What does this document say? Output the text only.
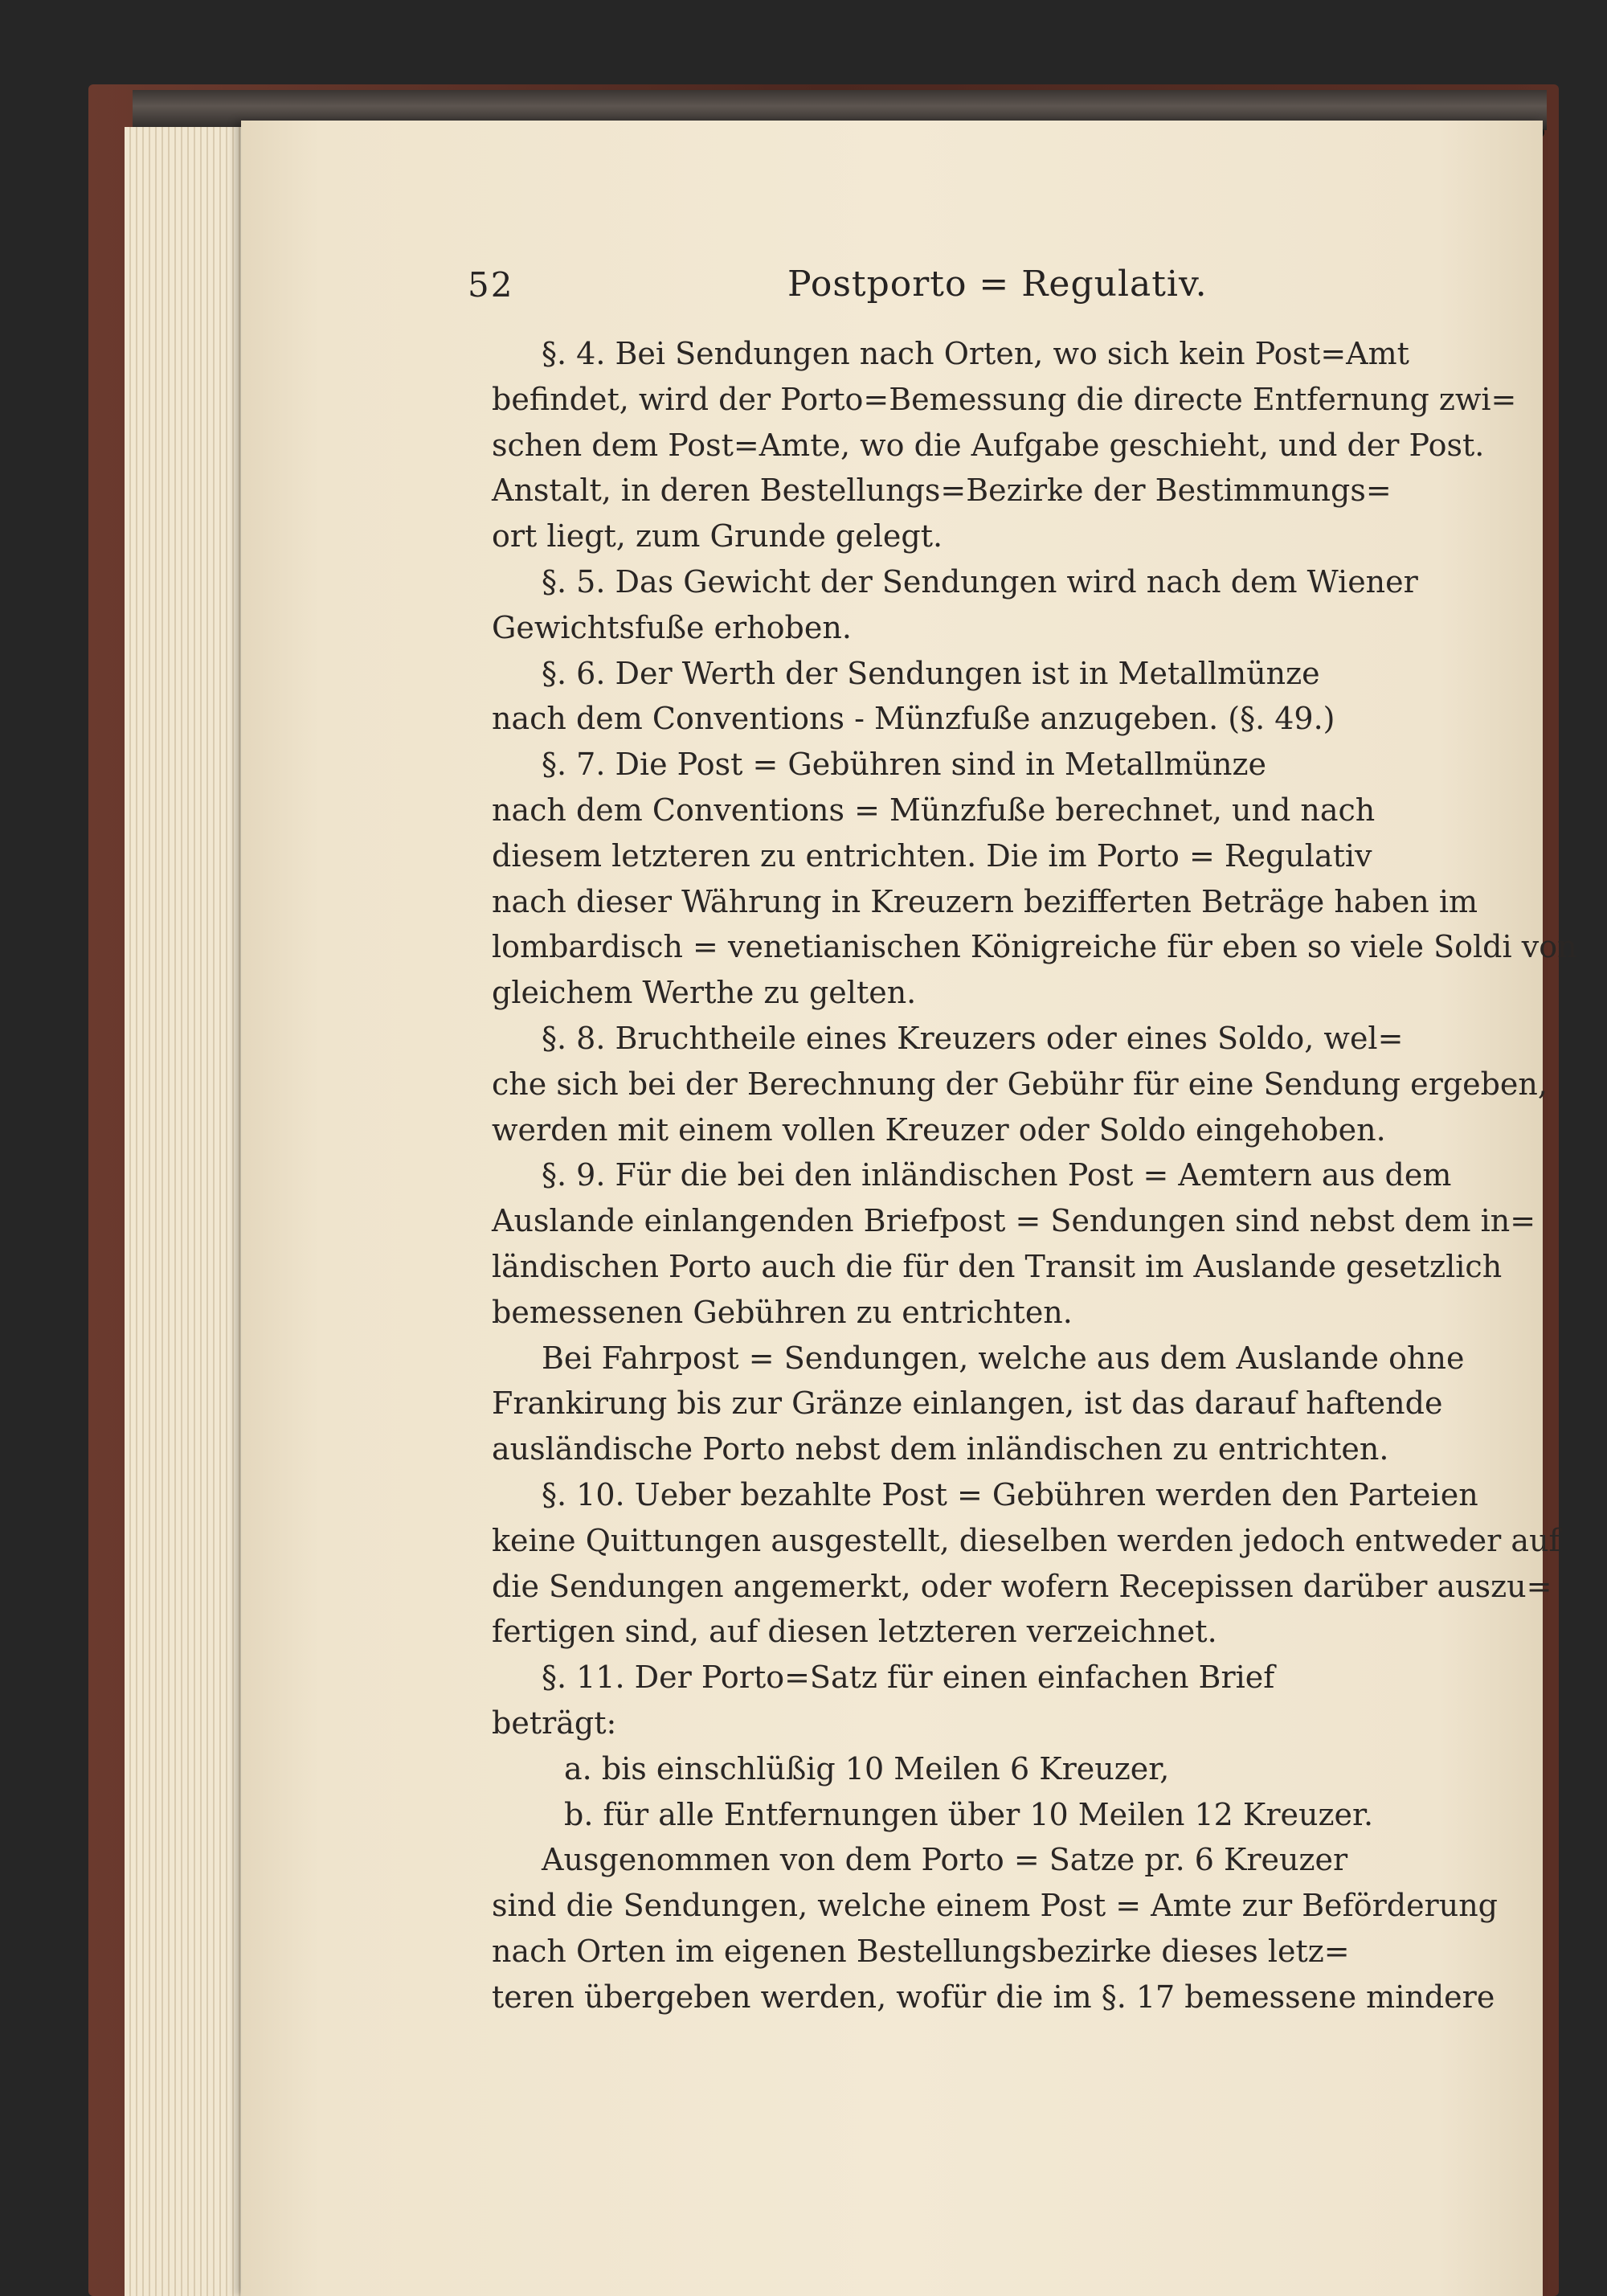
52	Postporto = Regulativ.
§. 4. Bei Sendungen nach Orten, wo sich kein Post=Amt
befindet, wird der Porto=Bemessung die directe Entfernung zwi=
schen dem Post=Amte, wo die Aufgabe geschieht, und der Post.
Anstalt, in deren Bestellungs=Bezirke der Bestimmungs=
ort liegt, zum Grunde gelegt.
§. 5. Das Gewicht der Sendungen wird nach dem Wiener
Gewichtsfuße erhoben.
§. 6. Der Werth der Sendungen ist in Metallmünze
nach dem Conventions - Münzfuße anzugeben. (§. 49.)
§. 7. Die Post = Gebühren sind in Metallmünze
nach dem Conventions = Münzfuße berechnet, und nach
diesem letzteren zu entrichten. Die im Porto = Regulativ
nach dieser Währung in Kreuzern bezifferten Beträge haben im
lombardisch = venetianischen Königreiche für eben so viele Soldi von
gleichem Werthe zu gelten.
§. 8. Bruchtheile eines Kreuzers oder eines Soldo, wel=
che sich bei der Berechnung der Gebühr für eine Sendung ergeben,
werden mit einem vollen Kreuzer oder Soldo eingehoben.
§. 9. Für die bei den inländischen Post = Aemtern aus dem
Auslande einlangenden Briefpost = Sendungen sind nebst dem in=
ländischen Porto auch die für den Transit im Auslande gesetzlich
bemessenen Gebühren zu entrichten.
Bei Fahrpost = Sendungen, welche aus dem Auslande ohne
Frankirung bis zur Gränze einlangen, ist das darauf haftende
ausländische Porto nebst dem inländischen zu entrichten.
§. 10. Ueber bezahlte Post = Gebühren werden den Parteien
keine Quittungen ausgestellt, dieselben werden jedoch entweder auf
die Sendungen angemerkt, oder wofern Recepissen darüber auszu=
fertigen sind, auf diesen letzteren verzeichnet.
§. 11. Der Porto=Satz für einen einfachen Brief
beträgt:
a. bis einschlüßig 10 Meilen 6 Kreuzer,
b. für alle Entfernungen über 10 Meilen 12 Kreuzer.
Ausgenommen von dem Porto = Satze pr. 6 Kreuzer
sind die Sendungen, welche einem Post = Amte zur Beförderung
nach Orten im eigenen Bestellungsbezirke dieses letz=
teren übergeben werden, wofür die im §. 17 bemessene mindere
